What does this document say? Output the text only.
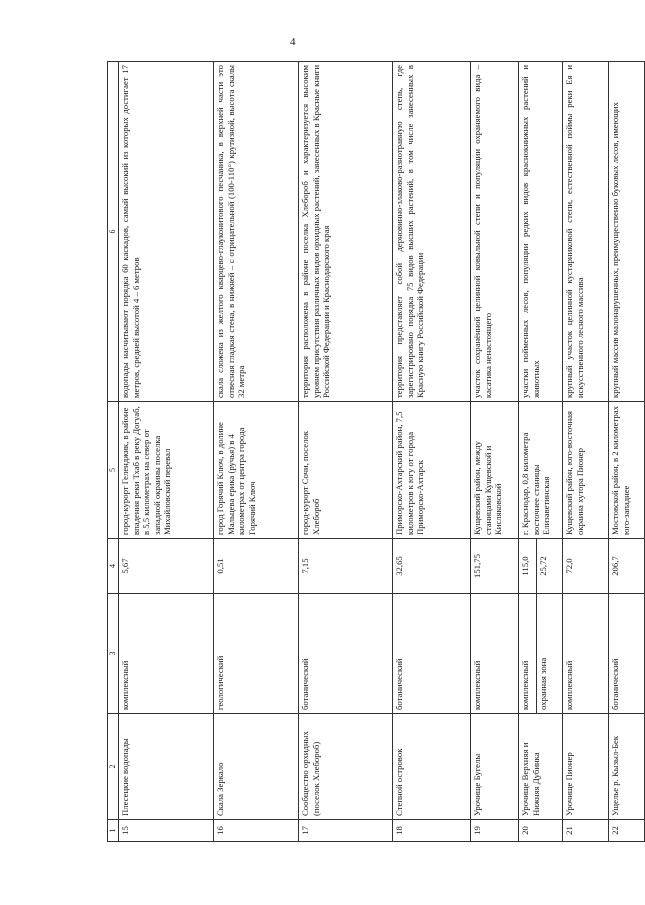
4
1	2	3	4	5	6
15	Плесецкие водопады	комплексный	5,67	город-курорт Геленджик, в районе впадения реки Тхаб в реку Догуаб, в 5,5 километрах на север от западной окраины поселка Михайловский перевал	водопады насчитывают порядка 60 каскадов, самый высокий из которых достигает 17 метров, средней высотой 4 – 6 метров
16	Скала Зеркало	геологический	0,51	город Горячий Ключ, в долине Мальцева ерика (ручья) в 4 километрах от центра города Горячий Ключ	скала сложена из желтого кварцево-глауконитового песчаника, в верхней части это отвесная гладкая стена, в нижней – с отрицательной (100-110°) крутизной, высота скалы 32 метра
17	Сообщество орхидных (поселок Хлебороб)	ботанический	7,15	город-курорт Сочи, поселок Хлебороб	территория расположена в районе поселка Хлебороб и характеризуется высоким уровнем присутствия различных видов орхидных растений, занесенных в Красные книги Российской Федерации и Краснодарского края
18	Степной островок	ботанический	32,65	Приморско-Ахтарский район, 7,5 километров к югу от города Приморско-Ахтарск	территория представляет собой дерновинно-злаково-разнотравную степь, где зарегистрировано порядка 75 видов высших растений, в том числе занесенных в Красную книгу Российской Федерации
19	Урочище Бугелы	комплексный	151,75	Кущевский район, между станицами Кущевской и Кисляковской	участок сохранённой целинной ковыльной степи и популяции охраняемого вида – касатика ненастоящего
20	Урочище Верхняя и Нижняя Дубинка	комплексный	115,0	г. Краснодар, 0,8 километра восточнее станицы Елизаветинская	участки пойменных лесов, популяции редких видов краснокнижных растений и животных
		охранная зона	25,72		
21	Урочище Пионер	комплексный	72,0	Кущевский район, юго-восточная окраина хутора Пионер	крупный участок целинной кустарниковой степи, естественной поймы реки Ея и искусственного лесного массива
22	Ущелье р. Кызыл-Бек	ботанический	206,7	Мостовской район, в 2 километрах юго-западнее	крупный массив малонарушенных, преимущественно буковых лесов, имеющих
